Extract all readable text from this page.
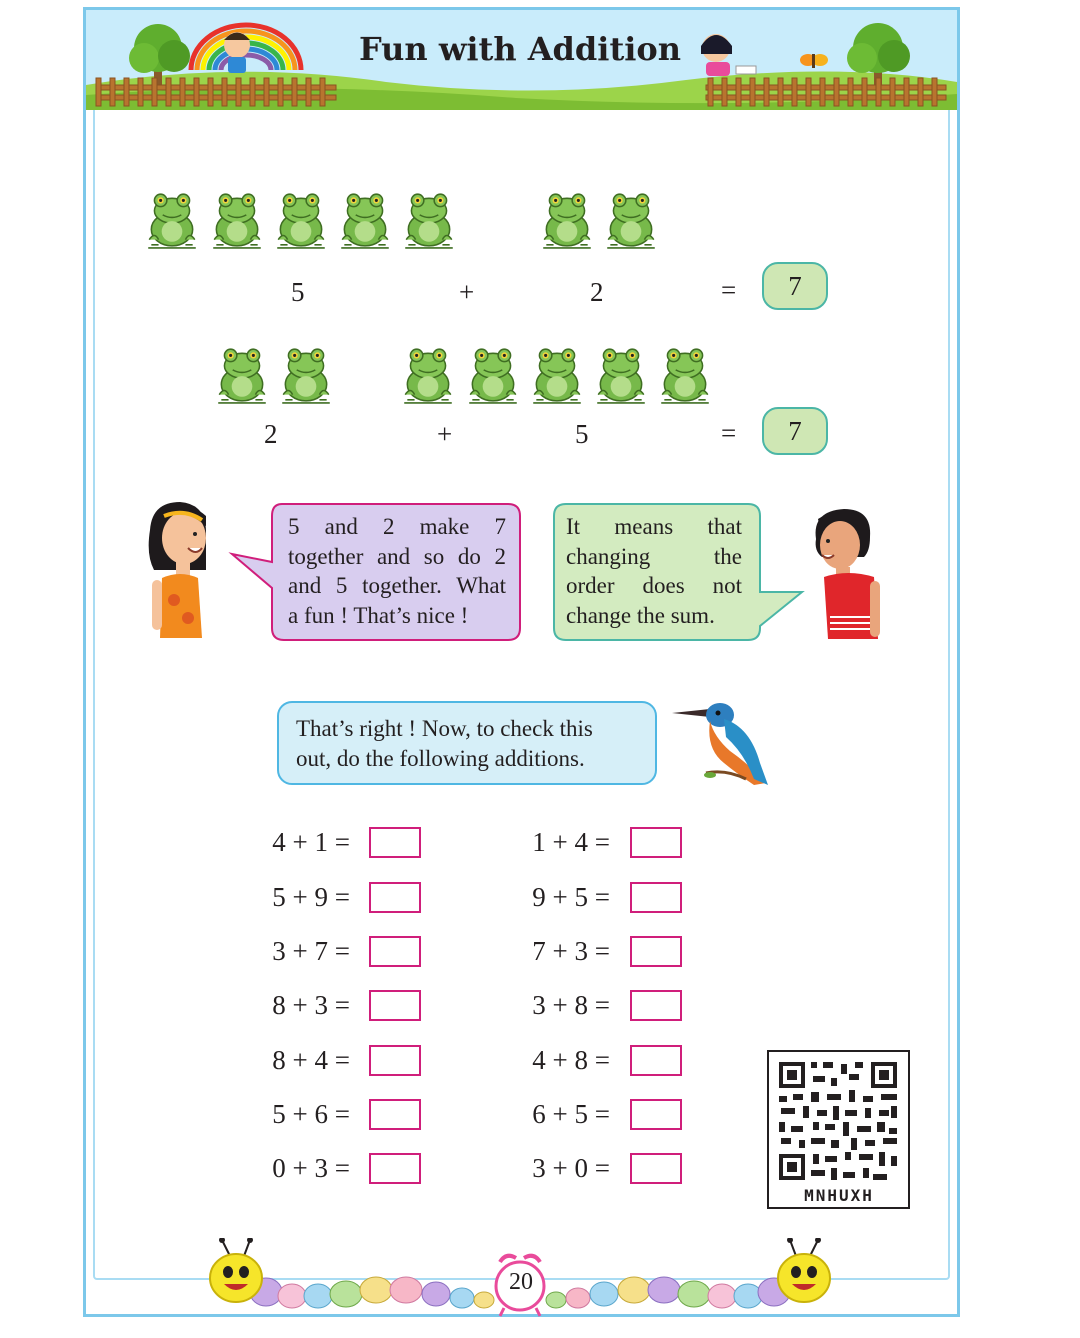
Fun with Addition
5	+	2	=	7
2	+	5	=	7
5 and 2 make 7
together and so do 2
and 5 together. What
a fun ! That’s nice !
It means that
changing the
order does not
change the sum.
That’s right ! Now, to check this
out, do the following additions.
4 + 1 =	1 + 4 =
5 + 9 =	9 + 5 =
3 + 7 =	7 + 3 =
8 + 3 =	3 + 8 =
8 + 4 =	4 + 8 =
5 + 6 =	6 + 5 =
0 + 3 =	3 + 0 =
MNHUXH
20
